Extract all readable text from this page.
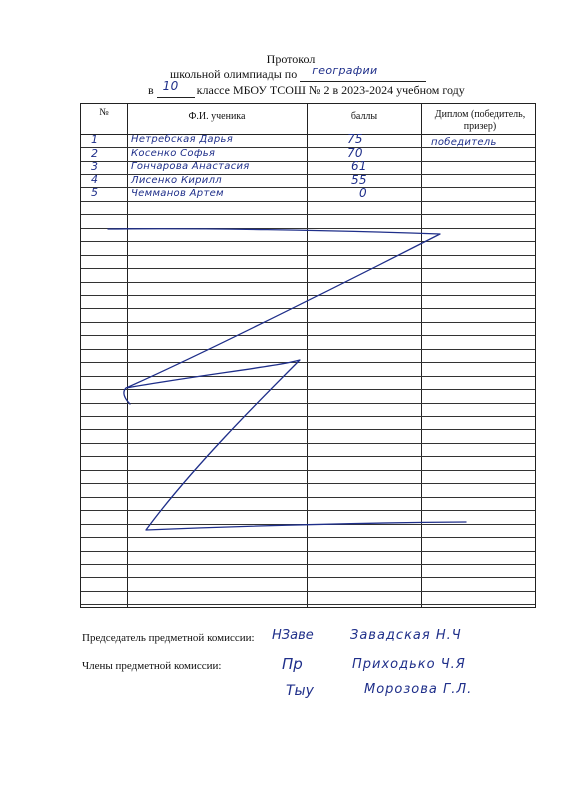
Протокол
школьной олимпиады по географии
в 10 классе МБОУ ТСОШ № 2 в 2023-2024 учебном году
№	Ф.И. ученика	баллы	Диплом (победитель, призер)
1	Нетребская Дарья	75	победитель
2	Косенко Софья	70
3	Гончарова Анастасия	61
4	Лисенко Кирилл	55
5	Чемманов Артем	0
Председатель предметной комиссии: НЗаве	Завадская Н.Ч
Члены предметной комиссии:	Пр	Приходько Ч.Я
Тыу	Морозова Г.Л.
